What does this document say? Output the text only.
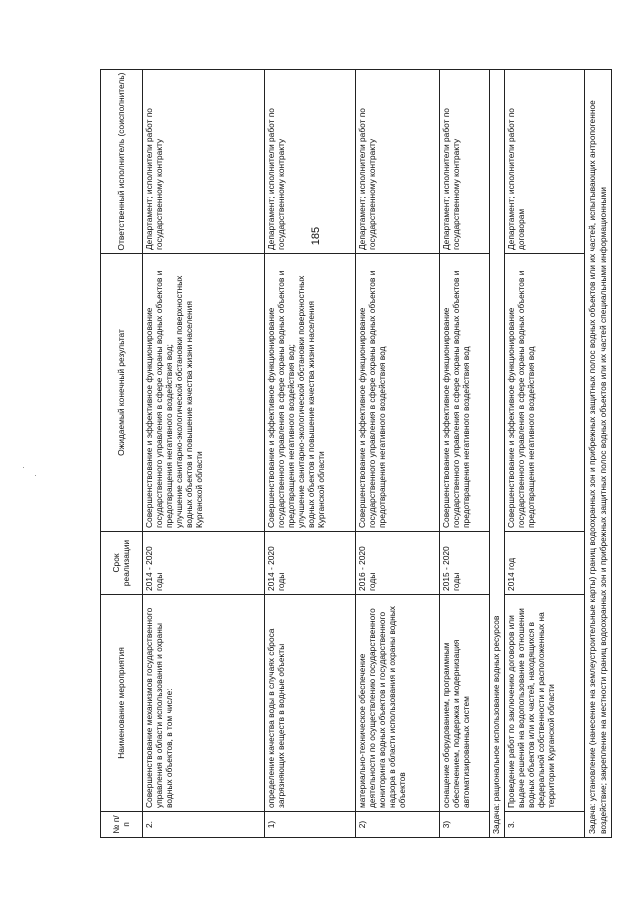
185
·
·
№ п/п	Наименование мероприятия	Срок реализации	Ожидаемый конечный результат	Ответственный исполнитель (соисполнитель)
2.	Совершенствование механизмов государственного управления в области использования и охраны водных объектов, в том числе:	2014 - 2020 годы	Совершенствование и эффективное функционирование государственного управления в сфере охраны водных объектов и предотвращения негативного воздействия вод; улучшение санитарно-экологической обстановки поверхностных водных объектов и повышение качества жизни населения Курганской области	Департамент; исполнители работ по государственному контракту
1)	определение качества воды в случаях сброса загрязняющих веществ в водные объекты	2014 - 2020 годы	Совершенствование и эффективное функционирование государственного управления в сфере охраны водных объектов и предотвращения негативного воздействия вод; улучшение санитарно-экологической обстановки поверхностных водных объектов и повышение качества жизни населения Курганской области	Департамент; исполнители работ по государственному контракту
2)	материально-техническое обеспечение деятельности по осуществлению государственного мониторинга водных объектов и государственного надзора в области использования и охраны водных объектов	2016 - 2020 годы	Совершенствование и эффективное функционирование государственного управления в сфере охраны водных объектов и предотвращения негативного воздействия вод	Департамент; исполнители работ по государственному контракту
3)	оснащение оборудованием, программным обеспечением, поддержка и модернизация автоматизированных систем	2015 - 2020 годы	Совершенствование и эффективное функционирование государственного управления в сфере охраны водных объектов и предотвращения негативного воздействия вод	Департамент; исполнители работ по государственному контракту
Задача: рациональное использование водных ресурсов				
3.	Проведение работ по заключению договоров или выдаче решений на водопользование в отношении водных объектов или их частей, находящихся в федеральной собственности и расположенных на территории Курганской области	2014 год	Совершенствование и эффективное функционирование государственного управления в сфере охраны водных объектов и предотвращения негативного воздействия вод	Департамент; исполнители работ по договорам
Задача: установление (нанесение на землеустроительные карты) границ водоохранных зон и прибрежных защитных полос водных объектов или их частей, испытывающих антропогенное воздействие; закрепление на местности границ водоохранных зон и прибрежных защитных полос водных объектов или их частей специальными информационными				
